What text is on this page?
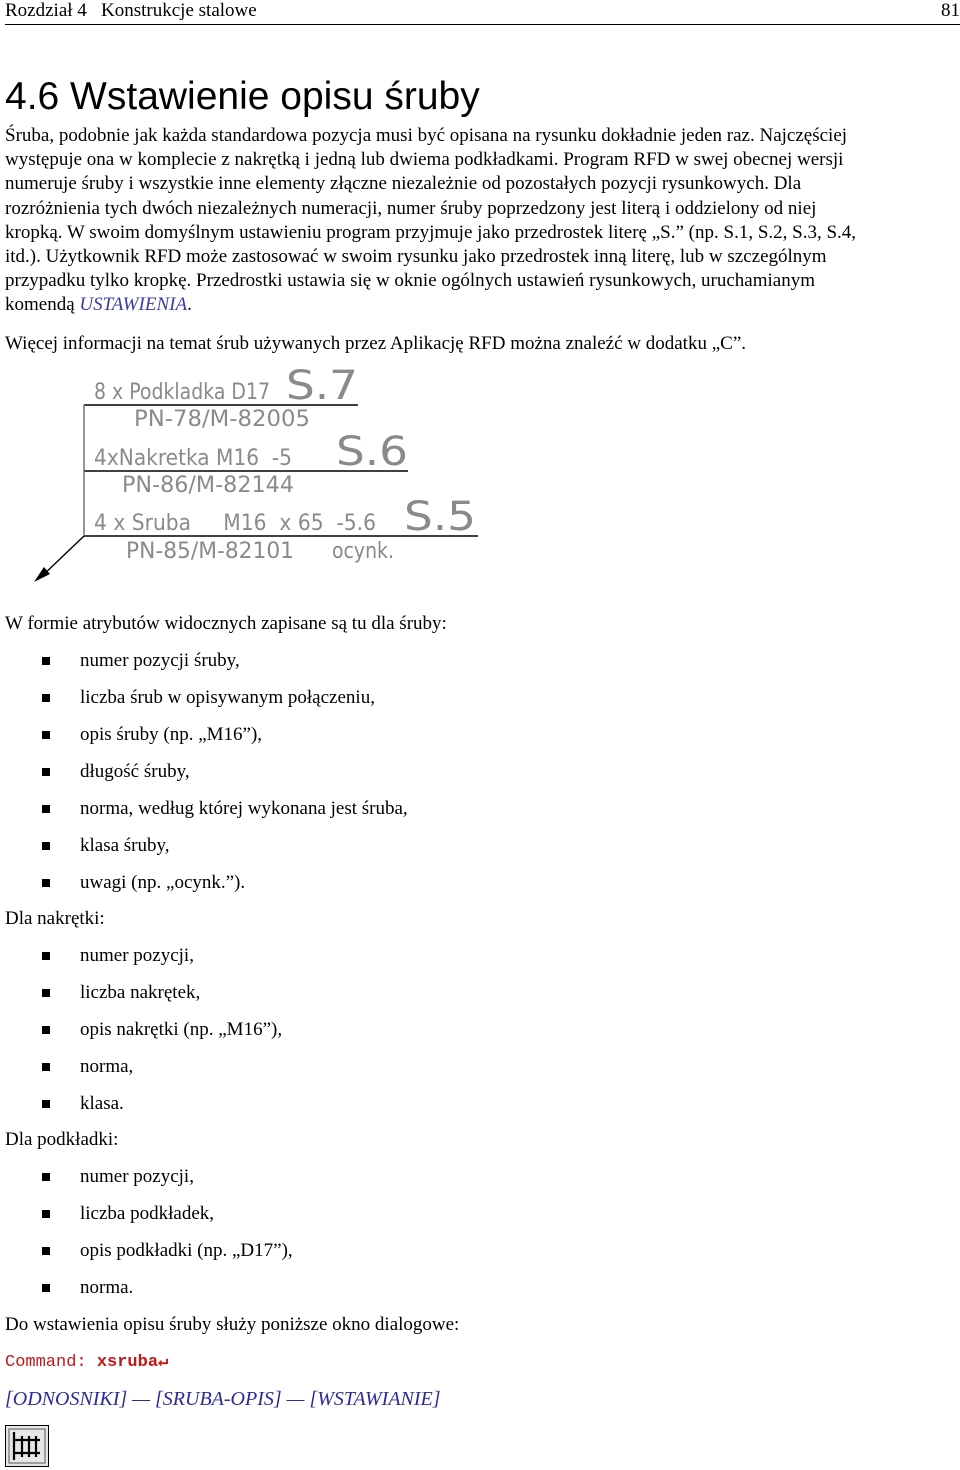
Rozdział 4   Konstrukcje stalowe	81
4.6 Wstawienie opisu śruby
Śruba, podobnie jak każda standardowa pozycja musi być opisana na rysunku dokładnie jeden raz. Najczęściej
występuje ona w komplecie z nakrętką i jedną lub dwiema podkładkami. Program RFD w swej obecnej wersji
numeruje śruby i wszystkie inne elementy złączne niezależnie od pozostałych pozycji rysunkowych. Dla
rozróżnienia tych dwóch niezależnych numeracji, numer śruby poprzedzony jest literą i oddzielony od niej
kropką. W swoim domyślnym ustawieniu program przyjmuje jako przedrostek literę „S.” (np. S.1, S.2, S.3, S.4,
itd.). Użytkownik RFD może zastosować w swoim rysunku jako przedrostek inną literę, lub w szczególnym
przypadku tylko kropkę. Przedrostki ustawia się w oknie ogólnych ustawień rysunkowych, uruchamianym
komendą USTAWIENIA.
Więcej informacji na temat śrub używanych przez Aplikację RFD można znaleźć w dodatku „C”.
8 x Podkladka D17 S.7
PN-78/M-82005
4xNakretka M16  -5 S.6
PN-86/M-82144
4 x Sruba     M16  x 65  -5.6 S.5
PN-85/M-82101 ocynk.
W formie atrybutów widocznych zapisane są tu dla śruby:
numer pozycji śruby,
liczba śrub w opisywanym połączeniu,
opis śruby (np. „M16”),
długość śruby,
norma, według której wykonana jest śruba,
klasa śruby,
uwagi (np. „ocynk.”).
Dla nakrętki:
numer pozycji,
liczba nakrętek,
opis nakrętki (np. „M16”),
norma,
klasa.
Dla podkładki:
numer pozycji,
liczba podkładek,
opis podkładki (np. „D17”),
norma.
Do wstawienia opisu śruby służy poniższe okno dialogowe:
Command: xsruba↵
[ODNOSNIKI] — [SRUBA-OPIS] — [WSTAWIANIE]
